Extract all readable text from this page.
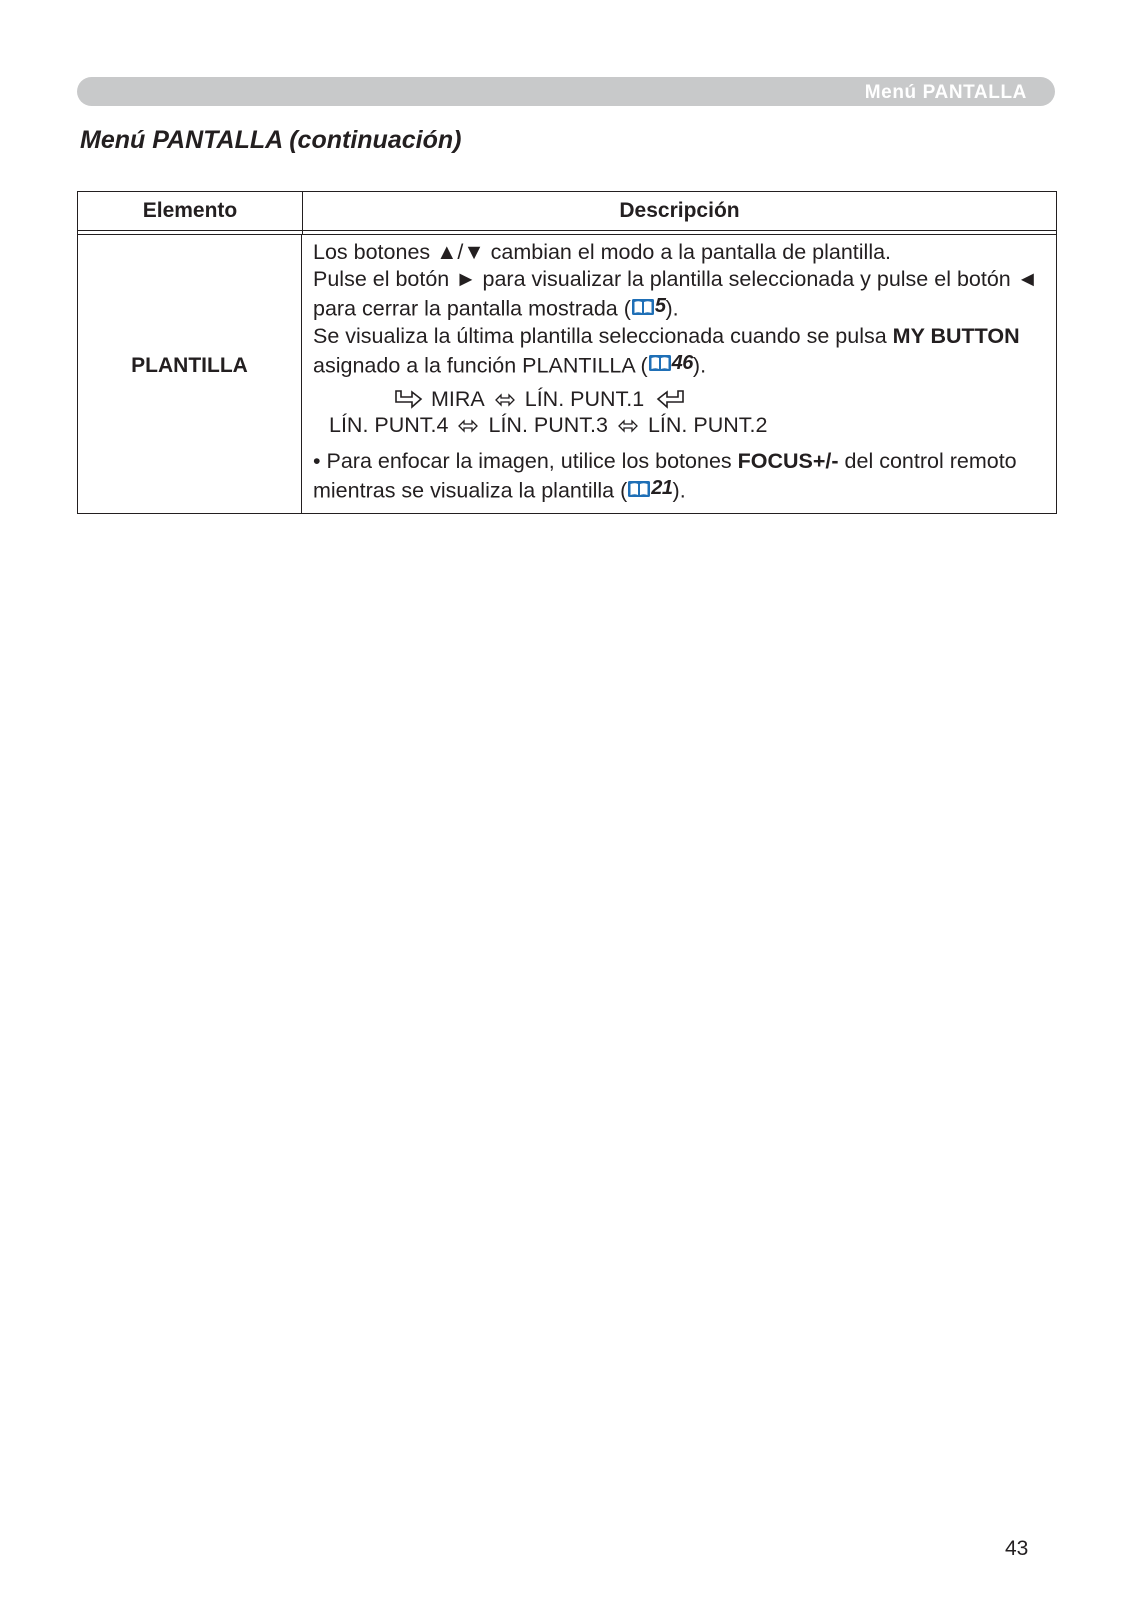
Menú PANTALLA
Menú PANTALLA (continuación)
Elemento	Descripción
PLANTILLA

Los botones ▲/▼ cambian el modo a la pantalla de plantilla.

Pulse el botón ► para visualizar la plantilla seleccionada y pulse el botón ◄ para cerrar la pantalla mostrada ( 5 ).

Se visualiza la última plantilla seleccionada cuando se pulsa MY BUTTON asignado a la función PLANTILLA ( 46 ).

MIRA LÍN. PUNT.1
LÍN. PUNT.4 LÍN. PUNT.3 LÍN. PUNT.2

• Para enfocar la imagen, utilice los botones FOCUS+/- del control remoto mientras se visualiza la plantilla ( 21 ).

43
